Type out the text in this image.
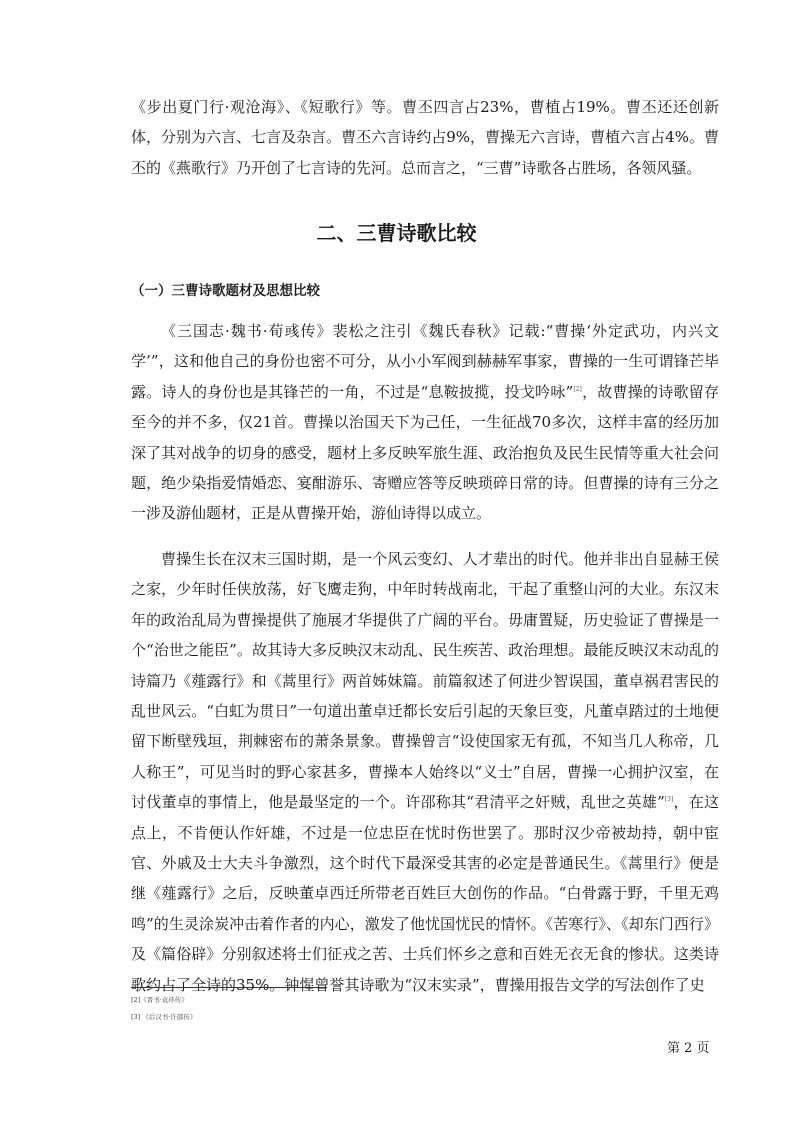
《步出夏门行·观沧海》、《短歌行》等。曹丕四言占23%，曹植占19%。曹丕还还创新体，分别为六言、七言及杂言。曹丕六言诗约占9%，曹操无六言诗，曹植六言占4%。曹丕的《燕歌行》乃开创了七言诗的先河。总而言之，“三曹”诗歌各占胜场，各领风骚。

二、三曹诗歌比较
（一）三曹诗歌题材及思想比较

《三国志·魏书·荀彧传》裴松之注引《魏氏春秋》记载:“曹操‘外定武功，内兴文学’”，这和他自己的身份也密不可分，从小小军阀到赫赫军事家，曹操的一生可谓锋芒毕露。诗人的身份也是其锋芒的一角，不过是“息鞍披揽，投戈吟咏”[2]，故曹操的诗歌留存至今的并不多，仅21首。曹操以治国天下为己任，一生征战70多次，这样丰富的经历加深了其对战争的切身的感受，题材上多反映军旅生涯、政治抱负及民生民情等重大社会问题，绝少染指爱情婚恋、宴酣游乐、寄赠应答等反映琐碎日常的诗。但曹操的诗有三分之一涉及游仙题材，正是从曹操开始，游仙诗得以成立。

曹操生长在汉末三国时期，是一个风云变幻、人才辈出的时代。他并非出自显赫王侯之家，少年时任侠放荡，好飞鹰走狗，中年时转战南北，干起了重整山河的大业。东汉末年的政治乱局为曹操提供了施展才华提供了广阔的平台。毋庸置疑，历史验证了曹操是一个“治世之能臣”。故其诗大多反映汉末动乱、民生疾苦、政治理想。最能反映汉末动乱的诗篇乃《薤露行》和《蒿里行》两首姊妹篇。前篇叙述了何进少智误国，董卓祸君害民的乱世风云。“白虹为贯日”一句道出董卓迁都长安后引起的天象巨变，凡董卓踏过的土地便留下断壁残垣，荆棘密布的萧条景象。曹操曾言“设使国家无有孤，不知当几人称帝，几人称王”，可见当时的野心家甚多，曹操本人始终以“义士”自居，曹操一心拥护汉室，在讨伐董卓的事情上，他是最坚定的一个。许邵称其“君清平之奸贼，乱世之英雄”[3]，在这点上，不肯便认作奸雄，不过是一位忠臣在忧时伤世罢了。那时汉少帝被劫持，朝中宦官、外戚及士大夫斗争激烈，这个时代下最深受其害的必定是普通民生。《蒿里行》便是继《薤露行》之后，反映董卓西迁所带老百姓巨大创伤的作品。“白骨露于野，千里无鸡鸣”的生灵涂炭冲击着作者的内心，激发了他忧国忧民的情怀。《苦寒行》、《却东门西行》及《篇俗辟》分别叙述将士们征戎之苦、士兵们怀乡之意和百姓无衣无食的惨状。这类诗歌约占了全诗的35%。钟惺曾誉其诗歌为“汉末实录”，曹操用报告文学的写法创作了史

[2]《晋书·袁环传》

[3] 《后汉书·许邵传》

第 2 页
